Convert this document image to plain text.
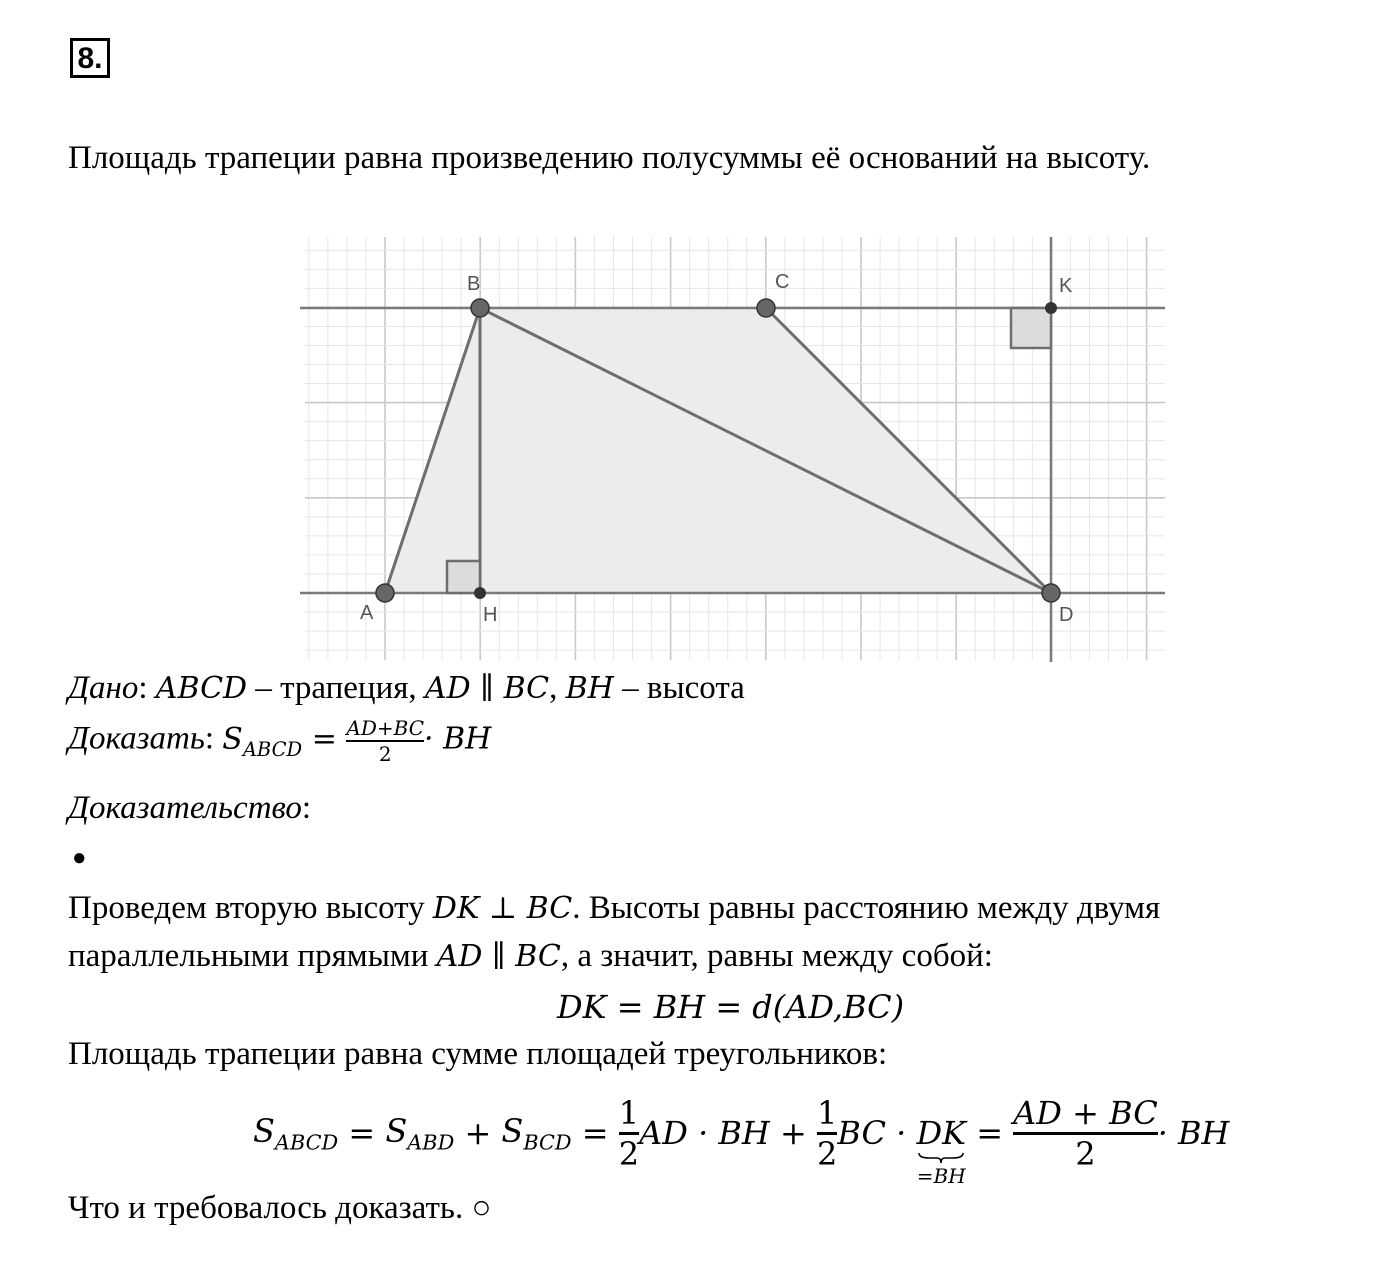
8.
Площадь трапеции равна произведению полусуммы её оснований на высоту.
A
B	C
D
H
K
Дано: ABCD – трапеция, AD ∥ BC, BH – высота
Доказать: $S_{ABCD} = \frac{AD+BC}{2}$ · BH
Доказательство:
●
Проведем вторую высоту DK ⊥ BC. Высоты равны расстоянию между двумя
параллельными прямыми AD ∥ BC, а значит, равны между собой:
DK = BH = d(AD,BC)
Площадь трапеции равна сумме площадей треугольников:
$S_{ABCD} = S_{ABD} + S_{BCD} = \frac{1}{2}$ AD · BH + $\frac{1}{2}$ BC · DK
=BH
= $\frac{AD + BC}{2}$ · BH
Что и требовалось доказать. ○
